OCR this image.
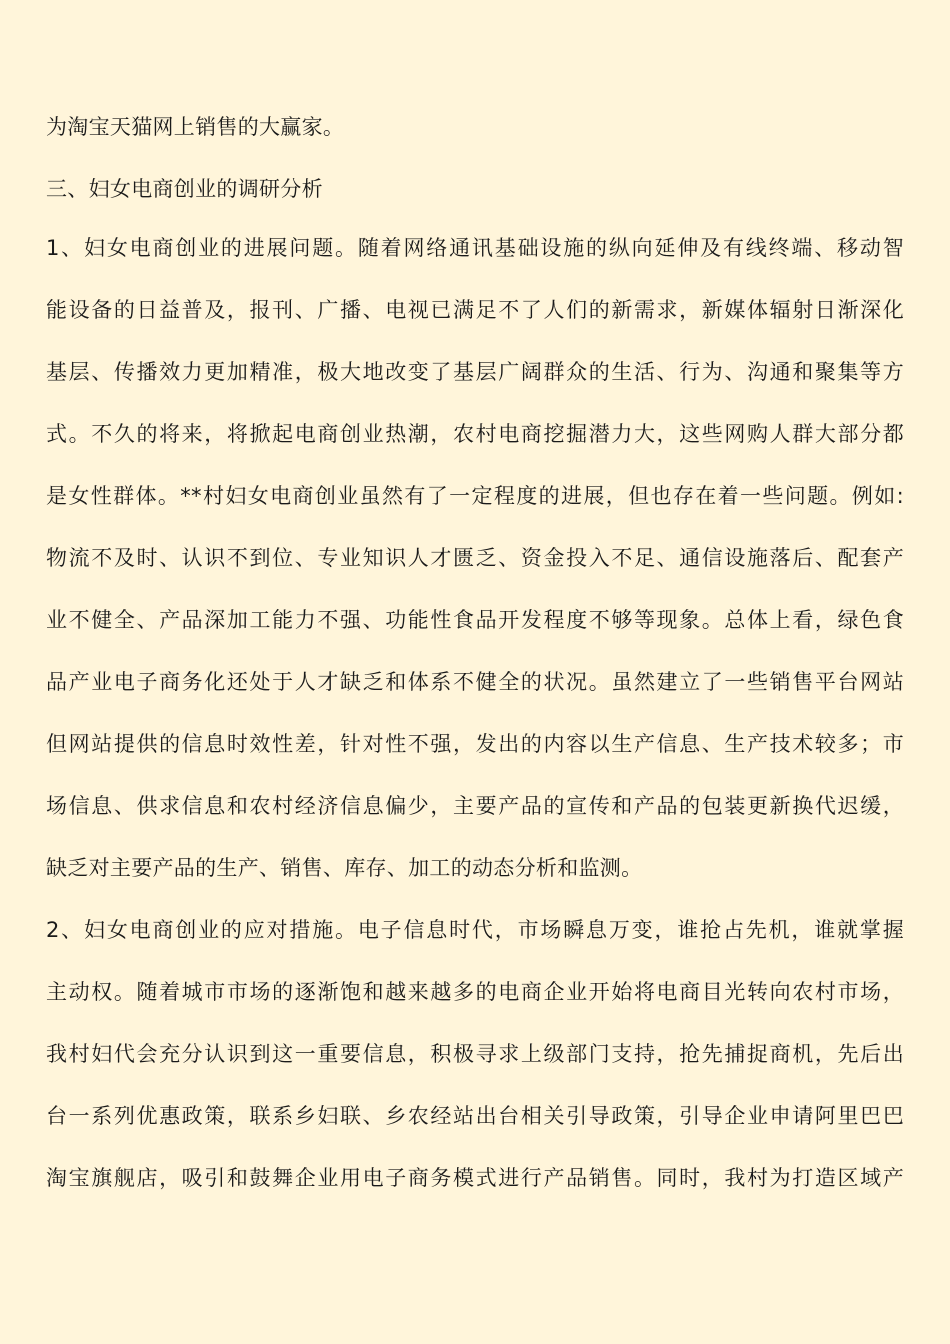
为淘宝天猫网上销售的大赢家。
三、妇女电商创业的调研分析
1、妇女电商创业的进展问题。随着网络通讯基础设施的纵向延伸及有线终端、移动智
能设备的日益普及，报刊、广播、电视已满足不了人们的新需求，新媒体辐射日渐深化
基层、传播效力更加精准，极大地改变了基层广阔群众的生活、行为、沟通和聚集等方
式。不久的将来，将掀起电商创业热潮，农村电商挖掘潜力大，这些网购人群大部分都
是女性群体。**村妇女电商创业虽然有了一定程度的进展，但也存在着一些问题。例如:
物流不及时、认识不到位、专业知识人才匮乏、资金投入不足、通信设施落后、配套产
业不健全、产品深加工能力不强、功能性食品开发程度不够等现象。总体上看，绿色食
品产业电子商务化还处于人才缺乏和体系不健全的状况。虽然建立了一些销售平台网站
但网站提供的信息时效性差，针对性不强，发出的内容以生产信息、生产技术较多；市
场信息、供求信息和农村经济信息偏少，主要产品的宣传和产品的包装更新换代迟缓，
缺乏对主要产品的生产、销售、库存、加工的动态分析和监测。
2、妇女电商创业的应对措施。电子信息时代，市场瞬息万变，谁抢占先机，谁就掌握
主动权。随着城市市场的逐渐饱和越来越多的电商企业开始将电商目光转向农村市场，
我村妇代会充分认识到这一重要信息，积极寻求上级部门支持，抢先捕捉商机，先后出
台一系列优惠政策，联系乡妇联、乡农经站出台相关引导政策，引导企业申请阿里巴巴
淘宝旗舰店，吸引和鼓舞企业用电子商务模式进行产品销售。同时，我村为打造区域产
